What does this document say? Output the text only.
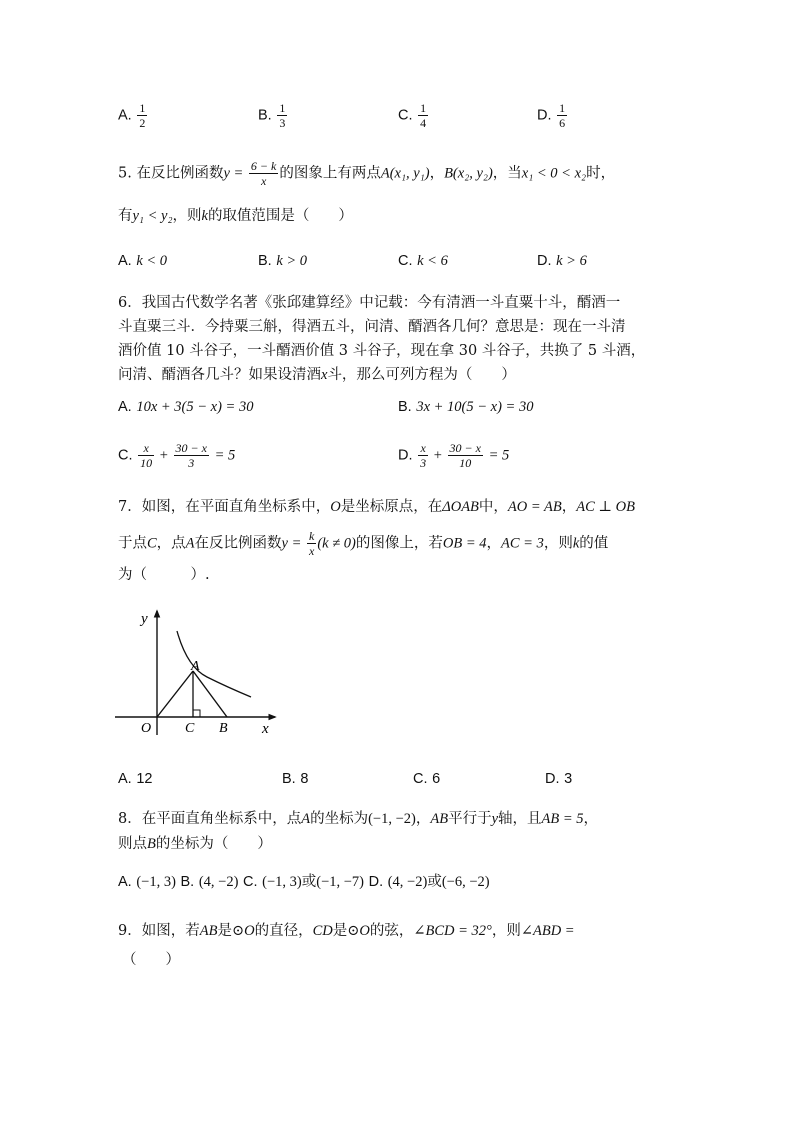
A. $\frac{1}{2}$	B. $\frac{1}{3}$	C. $\frac{1}{4}$	D. $\frac{1}{6}$
5. 在反比例函数$y = \frac{6 - k}{x}$ 的图象上有两点A(x₁, y₁)，B(x₂, y₂)，当x₁ < 0 < x₂时，
有y₁ < y₂，则k的取值范围是（　　）
A. k < 0	B. k > 0	C. k < 6	D. k > 6
6．我国古代数学名著《张邱建算经》中记载：今有清酒一斗直粟十斗，醑酒一
斗直粟三斗．今持粟三斛，得酒五斗，问清、醑酒各几何？意思是：现在一斗清
酒价值 10 斗谷子，一斗醑酒价值 3 斗谷子，现在拿 30 斗谷子，共换了 5 斗酒，
问清、醑酒各几斗？如果设清酒x斗，那么可列方程为（　　）
A. 10x + 3(5 − x) = 30	B. 3x + 10(5 − x) = 30
C. $\frac{x}{10} + \frac{30 - x}{3} = 5$	D. $\frac{x}{3} + \frac{30 - x}{10} = 5$
7．如图，在平面直角坐标系中，O是坐标原点，在ΔOAB中，AO = AB，AC ⊥ OB
于点C，点A在反比例函数$y = \frac{k}{x} (k \ne 0)$的图像上，若OB = 4，AC = 3，则k的值
为（　　　）.
y
x
O
A
C B
A. 12	B. 8	C. 6	D. 3
8．在平面直角坐标系中，点A的坐标为(−1, −2)，AB平行于y轴，且AB = 5，
则点B的坐标为（　　）
A. (−1, 3) B. (4, −2) C. (−1, 3)或(−1, −7) D. (4, −2)或(−6, −2)
9．如图，若AB是⊙O的直径，CD是⊙O的弦，∠BCD = 32°，则∠ABD =
（　　）
